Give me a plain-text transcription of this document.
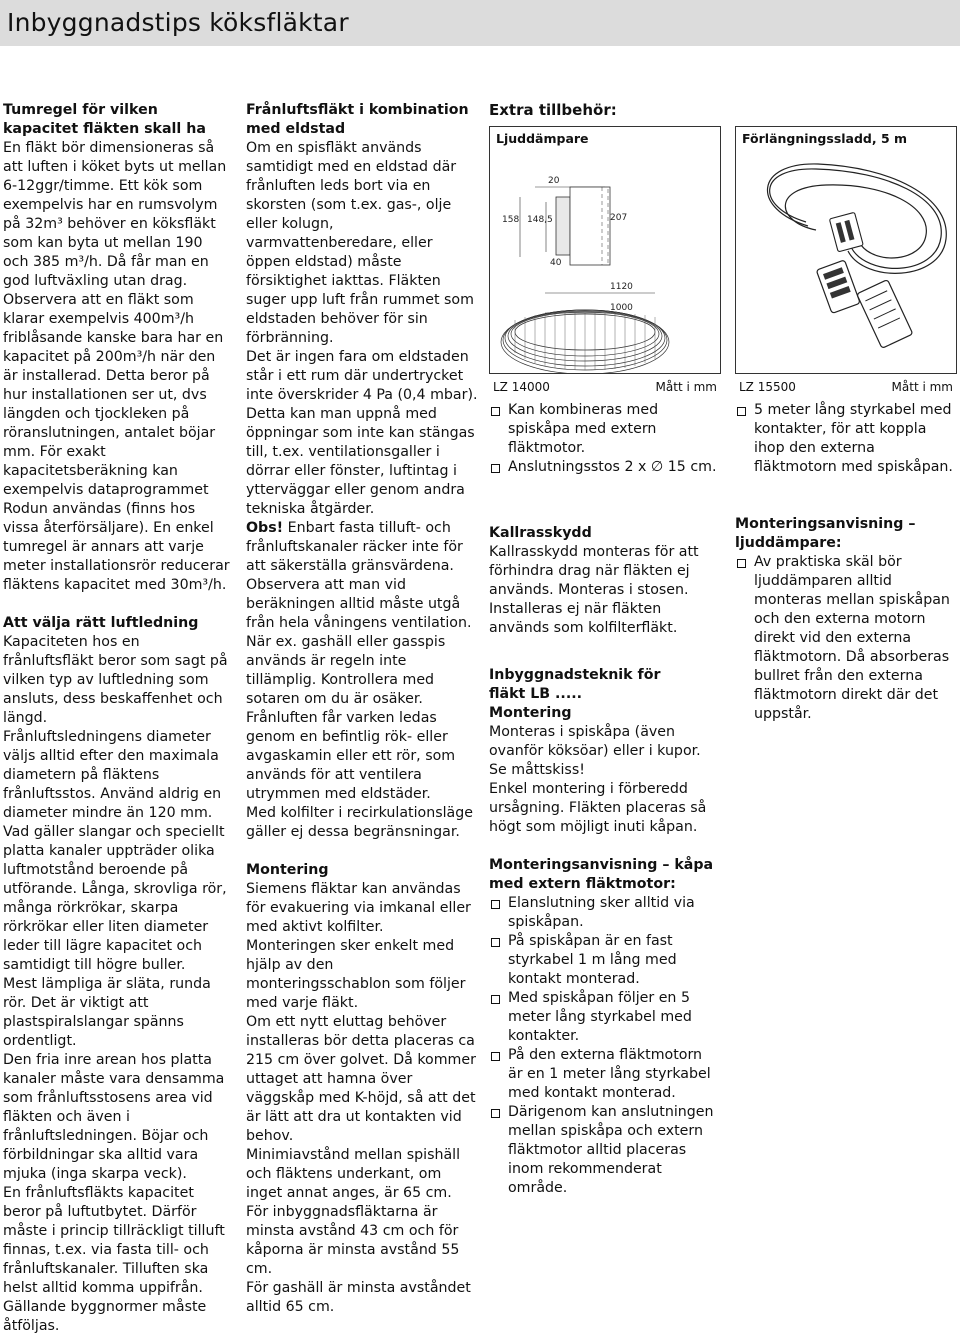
Inbyggnadstips köksfläktar

Tumregel för vilken kapacitet fläkten skall ha

En fläkt bör dimensioneras så att luften i köket byts ut mellan 6-12ggr/timme. Ett kök som exempelvis har en rumsvolym på 32m³ behöver en köksfläkt som kan byta ut mellan 190 och 385 m³/h. Då får man en god luftväxling utan drag.

Observera att en fläkt som klarar exempelvis 400m³/h friblåsande kanske bara har en kapacitet på 200m³/h när den är installerad. Detta beror på hur installationen ser ut, dvs längden och tjockleken på röranslutningen, antalet böjar mm. För exakt kapacitetsberäkning kan exempelvis dataprogrammet Rodun användas (finns hos vissa återförsäljare). En enkel tumregel är annars att varje meter installationsrör reducerar fläktens kapacitet med 30m³/h.

Att välja rätt luftledning

Kapaciteten hos en frånluftsfläkt beror som sagt på vilken typ av luftledning som ansluts, dess beskaffenhet och längd.

Frånluftsledningens diameter väljs alltid efter den maximala diametern på fläktens frånluftsstos. Använd aldrig en diameter mindre än 120 mm.

Vad gäller slangar och speciellt platta kanaler uppträder olika luftmotstånd beroende på utförande. Långa, skrovliga rör, många rörkrökar, skarpa rörkrökar eller liten diameter leder till lägre kapacitet och samtidigt till högre buller.

Mest lämpliga är släta, runda rör. Det är viktigt att plastspiralslangar spänns ordentligt.

Den fria inre arean hos platta kanaler måste vara densamma som frånluftsstosens area vid fläkten och även i frånluftsledningen. Böjar och förbildningar ska alltid vara mjuka (inga skarpa veck).

En frånluftsfläkts kapacitet beror på luftutbytet. Därför måste i princip tillräckligt tilluft finnas, t.ex. via fasta till- och frånluftskanaler. Tilluften ska helst alltid komma uppifrån. Gällande byggnormer måste åtföljas.

Frånluftsfläkt i kombination med eldstad

Om en spisfläkt används samtidigt med en eldstad där frånluften leds bort via en skorsten (som t.ex. gas-, olje eller kolugn, varmvattenberedare, eller öppen eldstad) måste försiktighet iakttas. Fläkten suger upp luft från rummet som eldstaden behöver för sin förbränning.

Det är ingen fara om eldstaden står i ett rum där undertrycket inte överskrider 4 Pa (0,4 mbar). Detta kan man uppnå med öppningar som inte kan stängas till, t.ex. ventilationsgaller i dörrar eller fönster, luftintag i ytterväggar eller genom andra tekniska åtgärder.

Obs! Enbart fasta tilluft- och frånluftskanaler räcker inte för att säkerställa gränsvärdena.

Observera att man vid beräkningen alltid måste utgå från hela våningens ventilation. När ex. gashäll eller gasspis används är regeln inte tillämplig. Kontrollera med sotaren om du är osäker.

Frånluften får varken ledas genom en befintlig rök- eller avgaskamin eller ett rör, som används för att ventilera utrymmen med eldstäder.

Med kolfilter i recirkulationsläge gäller ej dessa begränsningar.

Montering

Siemens fläktar kan användas för evakuering via imkanal eller med aktivt kolfilter.

Monteringen sker enkelt med hjälp av den monteringsschablon som följer med varje fläkt.

Om ett nytt eluttag behöver installeras bör detta placeras ca 215 cm över golvet. Då kommer uttaget att hamna över väggskåp med K-höjd, så att det är lätt att dra ut kontakten vid behov.

Minimiavstånd mellan spishäll och fläktens underkant, om inget annat anges, är 65 cm. För inbyggnadsfläktarna är minsta avstånd 43 cm och för kåporna är minsta avstånd 55 cm.

För gashäll är minsta avståndet alltid 65 cm.

Extra tillbehör:

Ljuddämpare
20
158 148,5	207
40
1120
1000
LZ 14000	Mått i mm
Kan kombineras med spiskåpa med extern fläktmotor.
Anslutningsstos 2 x ∅ 15 cm.

Kallrasskydd

Kallrasskydd monteras för att förhindra drag när fläkten ej används. Monteras i stosen. Installeras ej när fläkten används som kolfilterfläkt.

Inbyggnadsteknik för

fläkt LB .....

Montering

Monteras i spiskåpa (även ovanför köksöar) eller i kupor. Se måttskiss!

Enkel montering i förberedd ursågning. Fläkten placeras så högt som möjligt inuti kåpan.

Monteringsanvisning – kåpa med extern fläktmotor:

Elanslutning sker alltid via spiskåpan.
På spiskåpan är en fast styrkabel 1 m lång med kontakt monterad.
Med spiskåpan följer en 5 meter lång styrkabel med kontakter.
På den externa fläktmotorn är en 1 meter lång styrkabel med kontakt monterad.
Därigenom kan anslutningen mellan spiskåpa och extern fläktmotor alltid placeras inom rekommenderat område.
Förlängningssladd, 5 m
LZ 15500	Mått i mm
5 meter lång styrkabel med kontakter, för att koppla ihop den externa fläktmotorn med spiskåpan.

Monteringsanvisning – ljuddämpare:

Av praktiska skäl bör ljuddämparen alltid monteras mellan spiskåpan och den externa motorn direkt vid den externa fläktmotorn. Då absorberas bullret från den externa fläktmotorn direkt där det uppstår.
